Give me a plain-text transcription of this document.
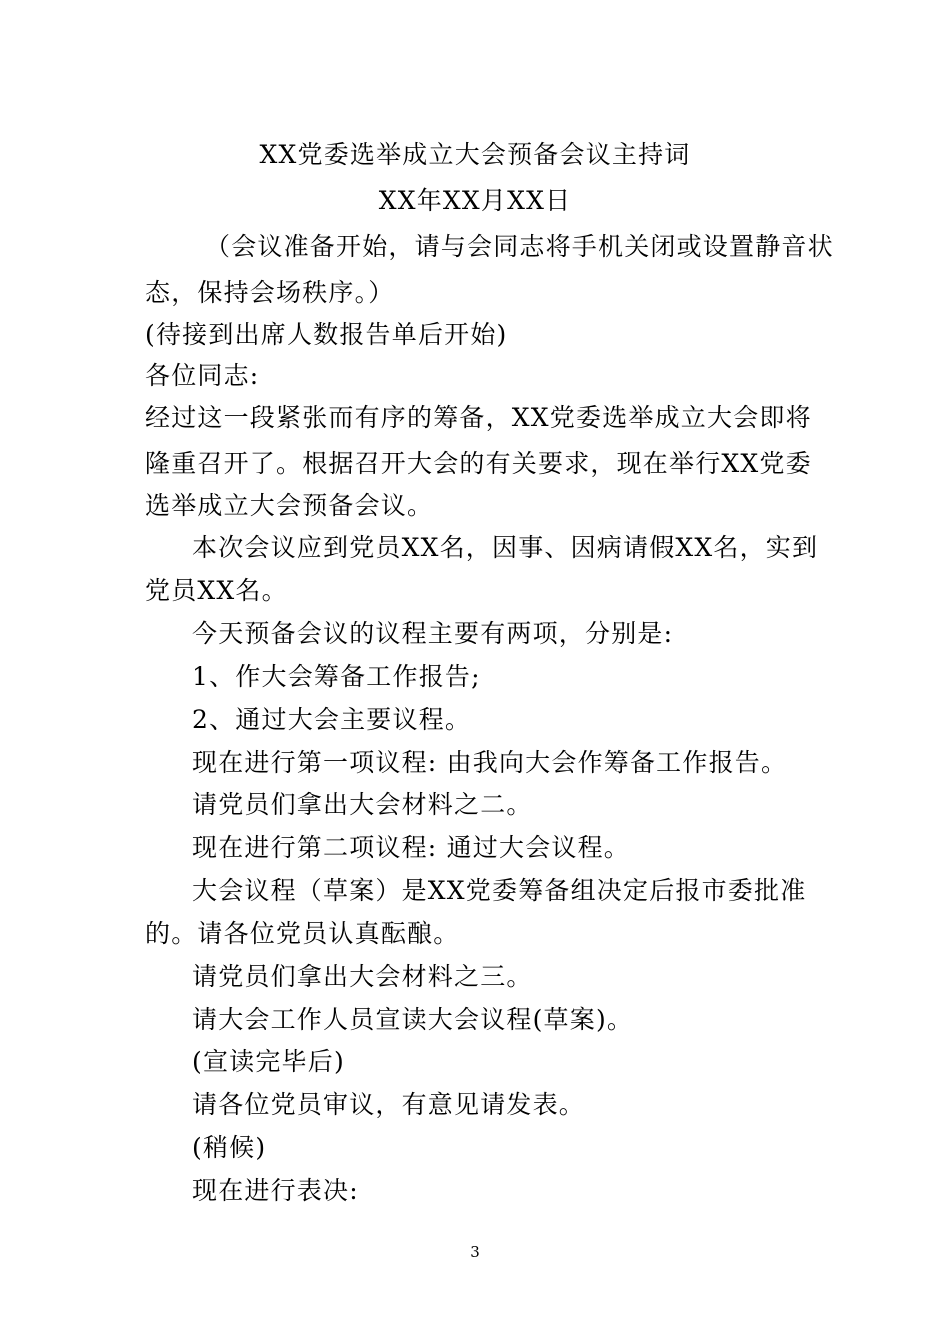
XX党委选举成立大会预备会议主持词
XX年XX月XX日
（会议准备开始，请与会同志将手机关闭或设置静音状
态，保持会场秩序。）
(待接到出席人数报告单后开始)
各位同志:
经过这一段紧张而有序的筹备，XX党委选举成立大会即将
隆重召开了。根据召开大会的有关要求，现在举行XX党委
选举成立大会预备会议。
本次会议应到党员XX名，因事、因病请假XX名，实到
党员XX名。
今天预备会议的议程主要有两项，分别是:
1、作大会筹备工作报告;
2、通过大会主要议程。
现在进行第一项议程: 由我向大会作筹备工作报告。
请党员们拿出大会材料之二。
现在进行第二项议程: 通过大会议程。
大会议程（草案）是XX党委筹备组决定后报市委批准
的。请各位党员认真酝酿。
请党员们拿出大会材料之三。
请大会工作人员宣读大会议程(草案)。
(宣读完毕后)
请各位党员审议，有意见请发表。
(稍候)
现在进行表决:
3
